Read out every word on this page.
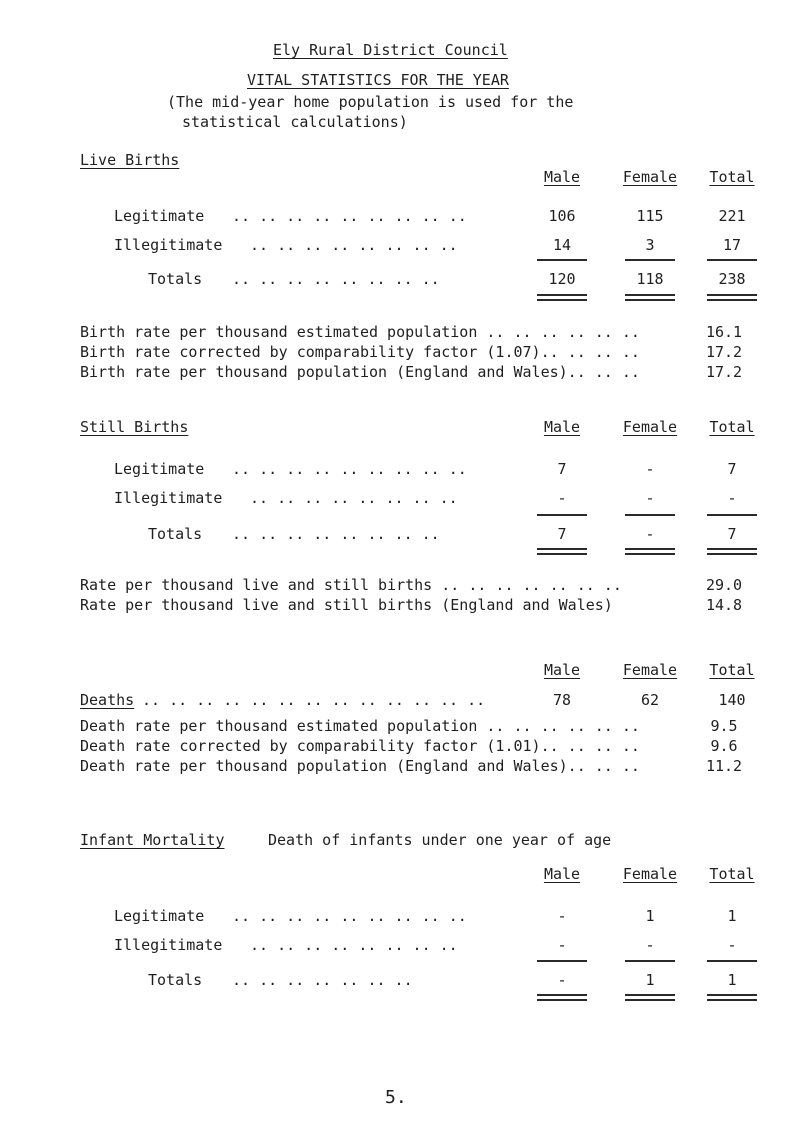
Ely Rural District Council
VITAL STATISTICS FOR THE YEAR
(The mid-year home population is used for the
statistical calculations)
Live Births
Male	Female	Total
Legitimate .. .. .. .. .. .. .. .. ..	106	115	221
Illegitimate .. .. .. .. .. .. .. ..	14	3	17
Totals .. .. .. .. .. .. .. ..	120	118	238
Birth rate per thousand estimated population .. .. .. .. .. ..	16.1
Birth rate corrected by comparability factor (1.07).. .. .. ..	17.2
Birth rate per thousand population (England and Wales).. .. ..	17.2
Still Births	Male	Female	Total
Legitimate .. .. .. .. .. .. .. .. ..	7	-	7
Illegitimate .. .. .. .. .. .. .. ..	-	-	-
Totals .. .. .. .. .. .. .. ..	7	-	7
Rate per thousand live and still births .. .. .. .. .. .. ..	29.0
Rate per thousand live and still births (England and Wales)	14.8
Male	Female	Total
Deaths .. .. .. .. .. .. .. .. .. .. .. .. ..	78	62	140
Death rate per thousand estimated population .. .. .. .. .. ..	9.5
Death rate corrected by comparability factor (1.01).. .. .. ..	9.6
Death rate per thousand population (England and Wales).. .. ..	11.2
Infant Mortality	Death of infants under one year of age
Male	Female	Total
Legitimate .. .. .. .. .. .. .. .. ..	-	1	1
Illegitimate .. .. .. .. .. .. .. ..	-	-	-
Totals .. .. .. .. .. .. ..	-	1	1
5.
